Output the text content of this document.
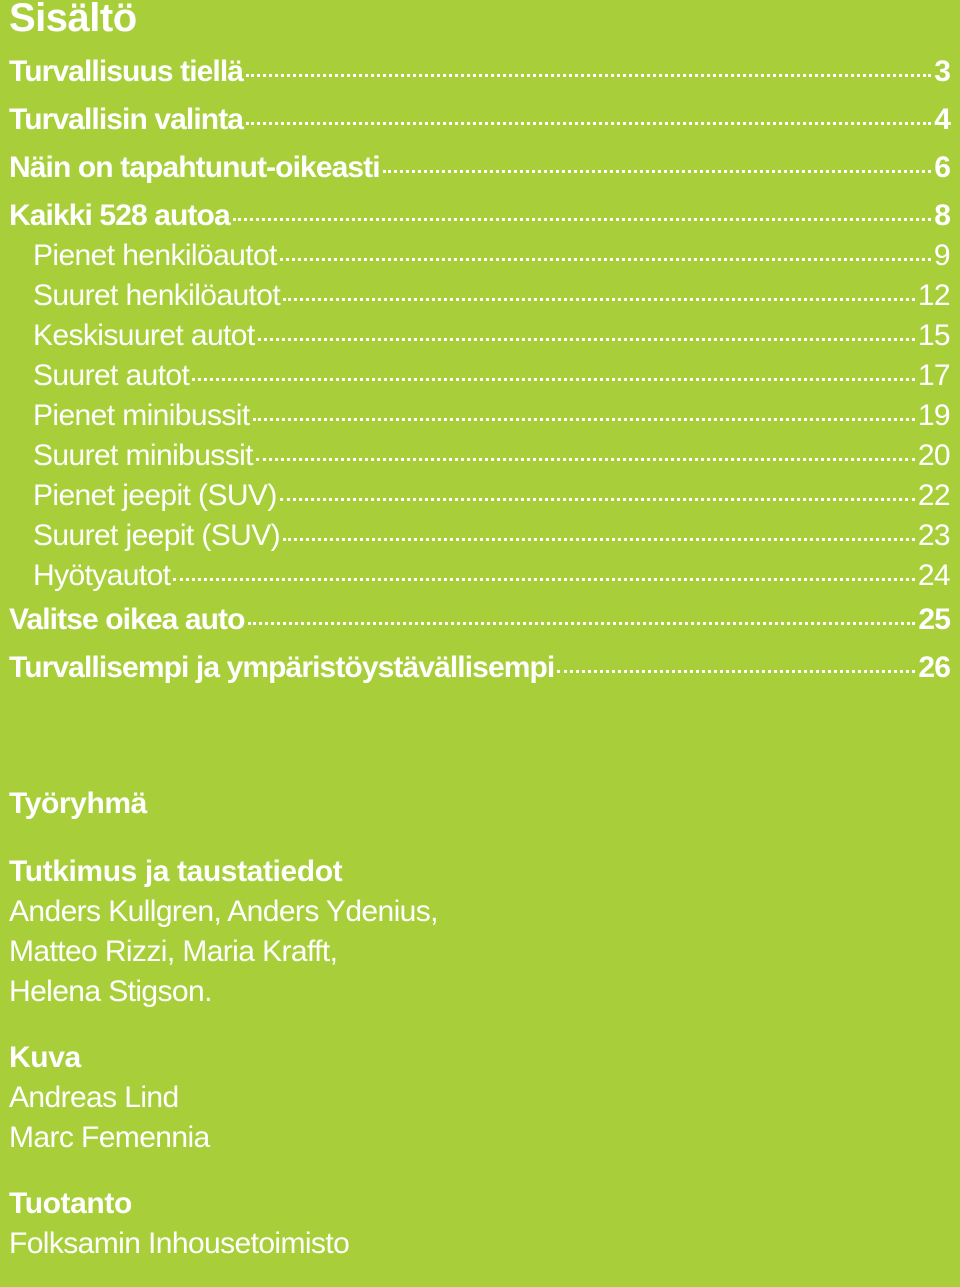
Sisältö
Turvallisuus tiellä	3
Turvallisin valinta	4
Näin on tapahtunut-oikeasti	6
Kaikki 528 autoa	8
Pienet henkilöautot	9
Suuret henkilöautot	12
Keskisuuret autot	15
Suuret autot	17
Pienet minibussit	19
Suuret minibussit	20
Pienet jeepit (SUV)	22
Suuret jeepit (SUV)	23
Hyötyautot	24
Valitse oikea auto	25
Turvallisempi ja ympäristöystävällisempi	26
Työryhmä
Tutkimus ja taustatiedot

Anders Kullgren, Anders Ydenius,

Matteo Rizzi, Maria Krafft,

Helena Stigson.

Kuva

Andreas Lind

Marc Femennia

Tuotanto

Folksamin Inhousetoimisto
